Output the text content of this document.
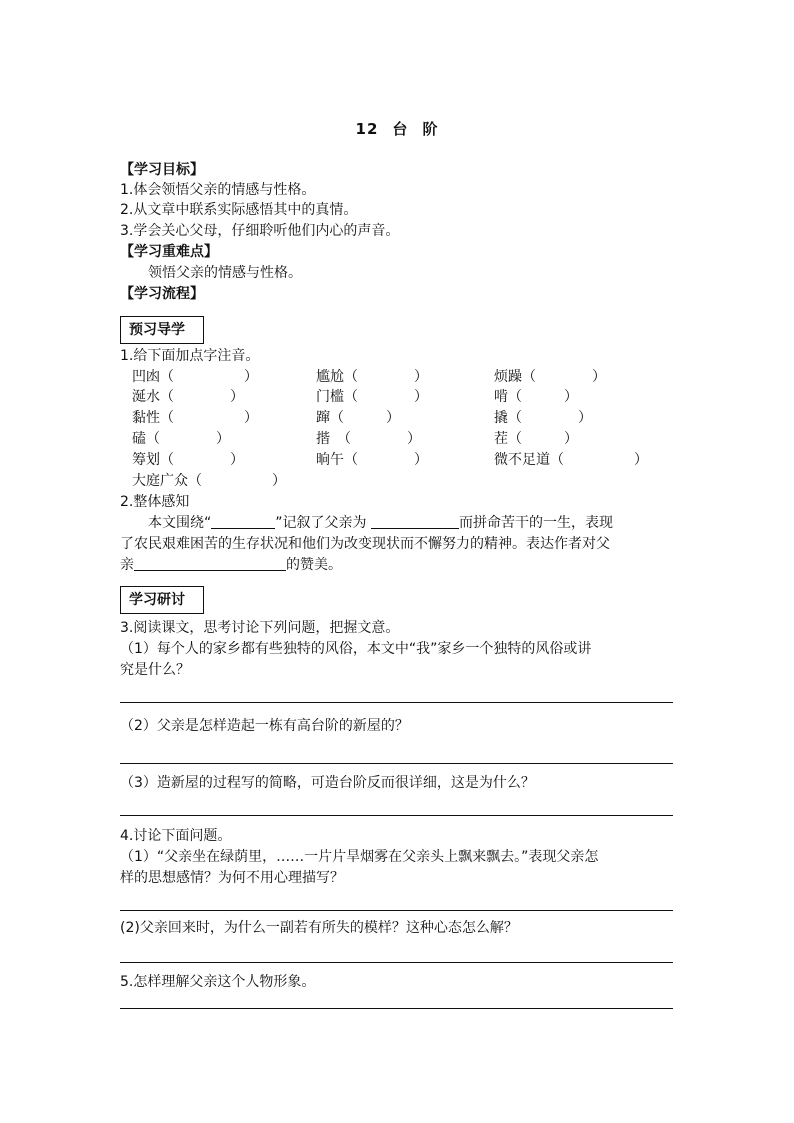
12 台 阶
【学习目标】
1.体会领悟父亲的情感与性格。
2.从文章中联系实际感悟其中的真情。
3.学会关心父母，仔细聆听他们内心的声音。
【学习重难点】
领悟父亲的情感与性格。
【学习流程】
预习导学
1.给下面加点字注音。
凹凼（　　　　　）	尴尬（　　　　）	烦躁（　　　　）
涎水（　　　　）	门槛（　　　　）	啃（　　　）
黏性（　　　　　）	蹿（　　　）	撬（　　　　）
磕（　　　　）	揩　（　　　　）	茬（　　　）
筹划（　　　　）	晌午（　　　　）	微不足道（　　　　　）
大庭广众（　　　　　）
2.整体感知
本文围绕“	”记叙了父亲为	而拼命苦干的一生，表现
了农民艰难困苦的生存状况和他们为改变现状而不懈努力的精神。表达作者对父
亲	的赞美。
学习研讨
3.阅读课文，思考讨论下列问题，把握文意。
（1）每个人的家乡都有些独特的风俗，本文中“我”家乡一个独特的风俗或讲
究是什么？
（2）父亲是怎样造起一栋有高台阶的新屋的？
（3）造新屋的过程写的简略，可造台阶反而很详细，这是为什么？
4.讨论下面问题。
（1）“父亲坐在绿荫里，……一片片旱烟雾在父亲头上飘来飘去。”表现父亲怎
样的思想感情？为何不用心理描写？
(2)父亲回来时，为什么一副若有所失的模样？这种心态怎么解？
5.怎样理解父亲这个人物形象。
